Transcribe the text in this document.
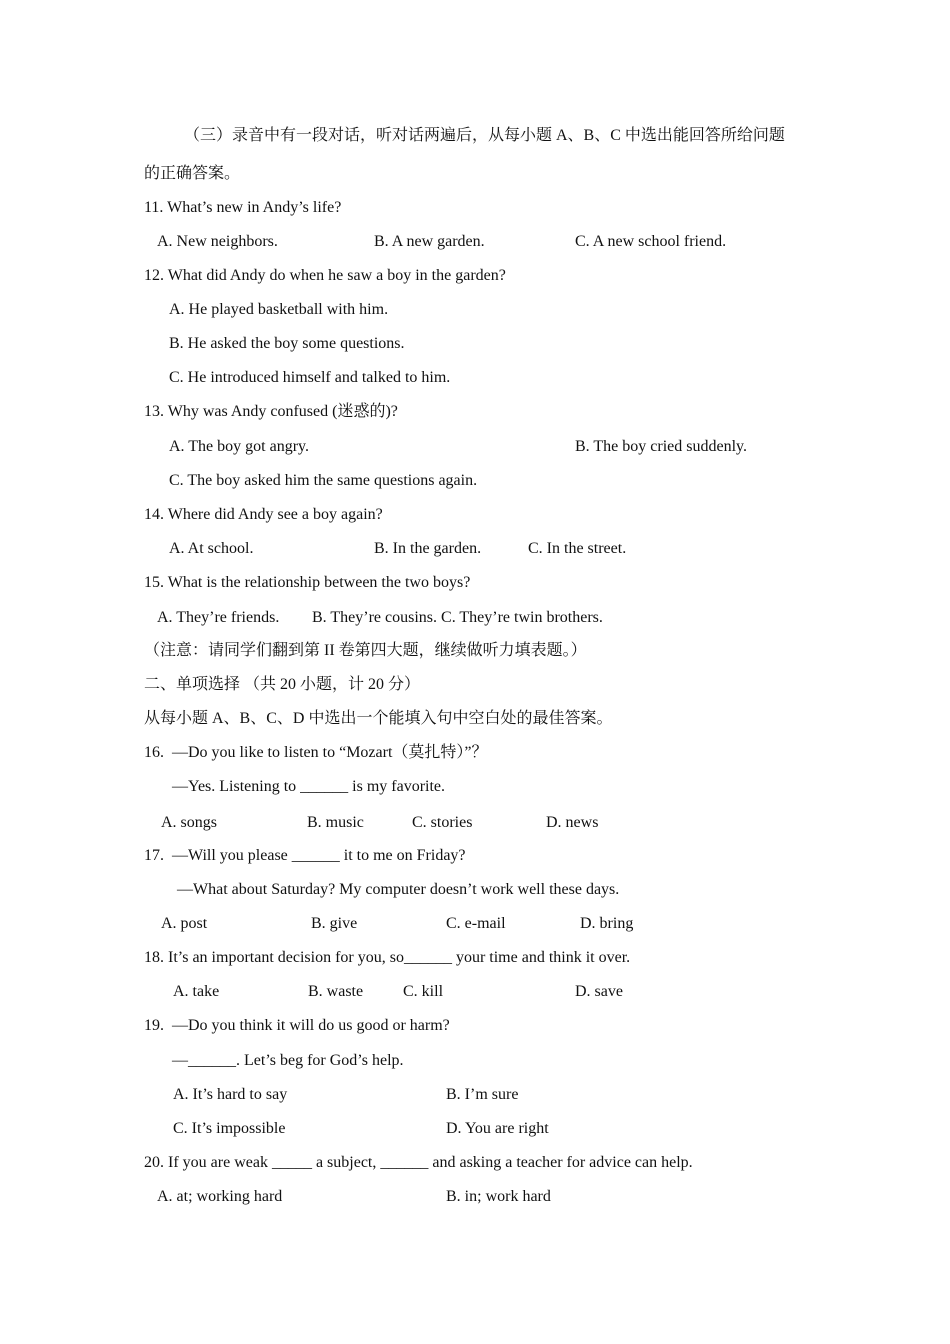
（三）录音中有一段对话，听对话两遍后，从每小题 A、B、C 中选出能回答所给问题
的正确答案。
11. What’s new in Andy’s life?
A. New neighbors.	B. A new garden.	C. A new school friend.
12. What did Andy do when he saw a boy in the garden?
A. He played basketball with him.
B. He asked the boy some questions.
C. He introduced himself and talked to him.
13. Why was Andy confused (迷惑的)?
A. The boy got angry.	B. The boy cried suddenly.
C. The boy asked him the same questions again.
14. Where did Andy see a boy again?
A. At school.	B. In the garden.	C. In the street.
15. What is the relationship between the two boys?
A. They’re friends. B. They’re cousins. C. They’re twin brothers.
（注意：请同学们翻到第 II 卷第四大题，继续做听力填表题。）
二、单项选择 （共 20 小题，计 20 分）
从每小题 A、B、C、D 中选出一个能填入句中空白处的最佳答案。
16.  —Do you like to listen to “Mozart（莫扎特）”？
—Yes. Listening to ______ is my favorite.
A. songs	B. music	C. stories	D. news
17.  —Will you please ______ it to me on Friday?
—What about Saturday? My computer doesn’t work well these days.
A. post	B. give	C. e-mail	D. bring
18. It’s an important decision for you, so______ your time and think it over.
A. take	B. waste C. kill	D. save
19.  —Do you think it will do us good or harm?
—______. Let’s beg for God’s help.
A. It’s hard to say	B. I’m sure
C. It’s impossible	D. You are right
20. If you are weak _____ a subject, ______ and asking a teacher for advice can help.
A. at; working hard	B. in; work hard
